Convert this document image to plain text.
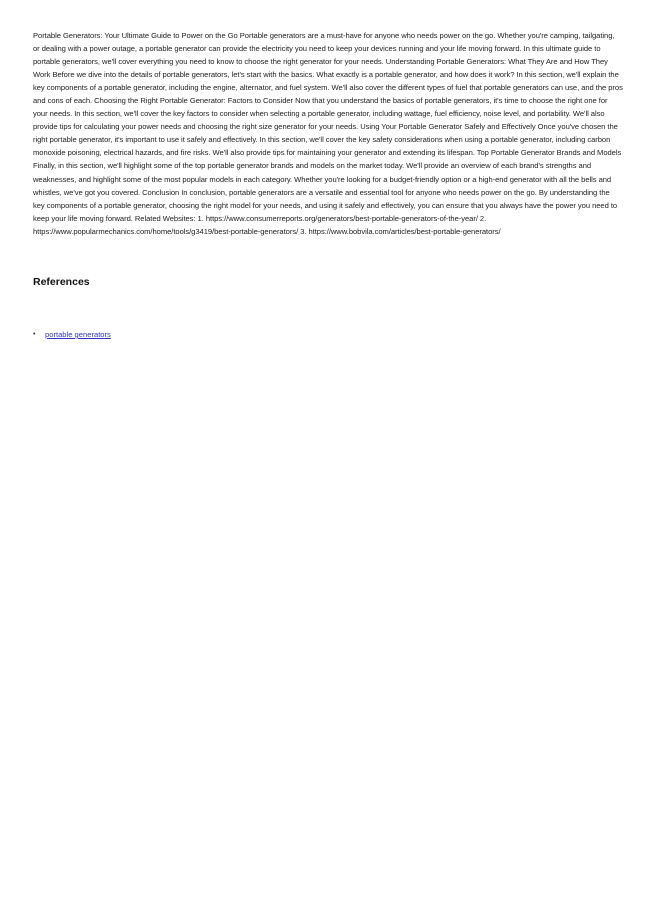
Portable Generators: Your Ultimate Guide to Power on the Go Portable generators are a must-have for anyone who needs power on the go. Whether you're camping, tailgating, or dealing with a power outage, a portable generator can provide the electricity you need to keep your devices running and your life moving forward. In this ultimate guide to portable generators, we'll cover everything you need to know to choose the right generator for your needs. Understanding Portable Generators: What They Are and How They Work Before we dive into the details of portable generators, let's start with the basics. What exactly is a portable generator, and how does it work? In this section, we'll explain the key components of a portable generator, including the engine, alternator, and fuel system. We'll also cover the different types of fuel that portable generators can use, and the pros and cons of each. Choosing the Right Portable Generator: Factors to Consider Now that you understand the basics of portable generators, it's time to choose the right one for your needs. In this section, we'll cover the key factors to consider when selecting a portable generator, including wattage, fuel efficiency, noise level, and portability. We'll also provide tips for calculating your power needs and choosing the right size generator for your needs. Using Your Portable Generator Safely and Effectively Once you've chosen the right portable generator, it's important to use it safely and effectively. In this section, we'll cover the key safety considerations when using a portable generator, including carbon monoxide poisoning, electrical hazards, and fire risks. We'll also provide tips for maintaining your generator and extending its lifespan. Top Portable Generator Brands and Models Finally, in this section, we'll highlight some of the top portable generator brands and models on the market today. We'll provide an overview of each brand's strengths and weaknesses, and highlight some of the most popular models in each category. Whether you're looking for a budget-friendly option or a high-end generator with all the bells and whistles, we've got you covered. Conclusion In conclusion, portable generators are a versatile and essential tool for anyone who needs power on the go. By understanding the key components of a portable generator, choosing the right model for your needs, and using it safely and effectively, you can ensure that you always have the power you need to keep your life moving forward. Related Websites: 1. https://www.consumerreports.org/generators/best-portable-generators-of-the-year/ 2. https://www.popularmechanics.com/home/tools/g3419/best-portable-generators/ 3. https://www.bobvila.com/articles/best-portable-generators/

References
•	portable generators
